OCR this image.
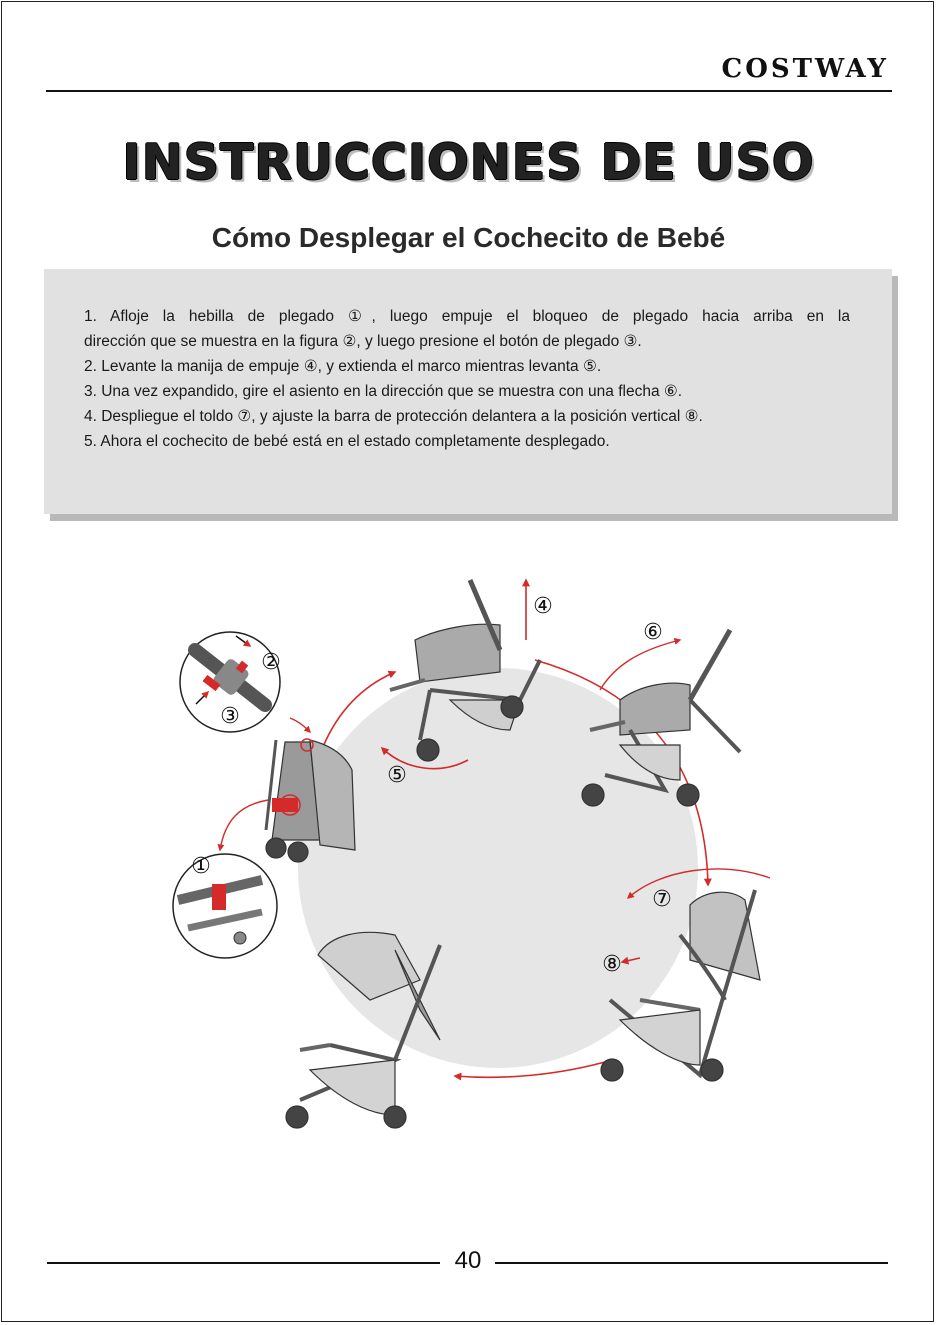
COSTWAY
INSTRUCCIONES DE USO
Cómo Desplegar el Cochecito de Bebé
1. Afloje la hebilla de plegado ①, luego empuje el bloqueo de plegado hacia arriba en la
dirección que se muestra en la figura ②, y luego presione el botón de plegado ③.
2. Levante la manija de empuje ④, y extienda el marco mientras levanta ⑤.
3. Una vez expandido, gire el asiento en la dirección que se muestra con una flecha ⑥.
4. Despliegue el toldo ⑦, y ajuste la barra de protección delantera a la posición vertical ⑧.
5. Ahora el cochecito de bebé está en el estado completamente desplegado.
①
②
③
④
⑤
⑥
⑦
⑧
40
